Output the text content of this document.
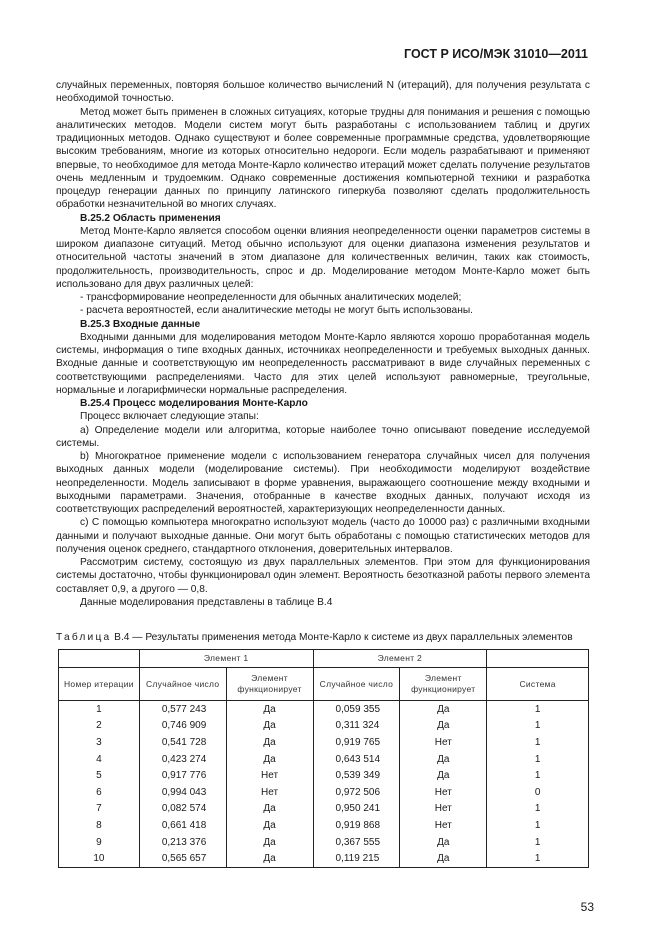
ГОСТ Р ИСО/МЭК 31010—2011

случайных переменных, повторяя большое количество вычислений N (итераций), для получения результата с необходимой точностью.

Метод может быть применен в сложных ситуациях, которые трудны для понимания и решения с помощью аналитических методов. Модели систем могут быть разработаны с использованием таблиц и других традиционных методов. Однако существуют и более современные программные средства, удовлетворяющие высоким требованиям, многие из которых относительно недороги. Если модель разрабатывают и применяют впервые, то необходимое для метода Монте-Карло количество итераций может сделать получение результатов очень медленным и трудоемким. Однако современные достижения компьютерной техники и разработка процедур генерации данных по принципу латинского гиперкуба позволяют сделать продолжительность обработки незначительной во многих случаях.

В.25.2 Область применения

Метод Монте-Карло является способом оценки влияния неопределенности оценки параметров системы в широком диапазоне ситуаций. Метод обычно используют для оценки диапазона изменения результатов и относительной частоты значений в этом диапазоне для количественных величин, таких как стоимость, продолжительность, производительность, спрос и др. Моделирование методом Монте-Карло может быть использовано для двух различных целей:

- трансформирование неопределенности для обычных аналитических моделей;

- расчета вероятностей, если аналитические методы не могут быть использованы.

В.25.3 Входные данные

Входными данными для моделирования методом Монте-Карло являются хорошо проработанная модель системы, информация о типе входных данных, источниках неопределенности и требуемых выходных данных. Входные данные и соответствующую им неопределенность рассматривают в виде случайных переменных с соответствующими распределениями. Часто для этих целей используют равномерные, треугольные, нормальные и логарифмически нормальные распределения.

В.25.4 Процесс моделирования Монте-Карло

Процесс включает следующие этапы:

a) Определение модели или алгоритма, которые наиболее точно описывают поведение исследуемой системы.

b) Многократное применение модели с использованием генератора случайных чисел для получения выходных данных модели (моделирование системы). При необходимости моделируют воздействие неопределенности. Модель записывают в форме уравнения, выражающего соотношение между входными и выходными параметрами. Значения, отобранные в качестве входных данных, получают исходя из соответствующих распределений вероятностей, характеризующих неопределенности данных.

c) С помощью компьютера многократно используют модель (часто до 10000 раз) с различными входными данными и получают выходные данные. Они могут быть обработаны с помощью статистических методов для получения оценок среднего, стандартного отклонения, доверительных интервалов.

Рассмотрим систему, состоящую из двух параллельных элементов. При этом для функционирования системы достаточно, чтобы функционировал один элемент. Вероятность безотказной работы первого элемента составляет 0,9, а другого — 0,8.

Данные моделирования представлены в таблице В.4

Таблица В.4 — Результаты применения метода Монте-Карло к системе из двух параллельных элементов
	Элемент 1		Элемент 2		
Номер итерации	Случайное число	Элемент функционирует	Случайное число	Элемент функционирует	Система
1	0,577 243	Да	0,059 355	Да	1
2	0,746 909	Да	0,311 324	Да	1
3	0,541 728	Да	0,919 765	Нет	1
4	0,423 274	Да	0,643 514	Да	1
5	0,917 776	Нет	0,539 349	Да	1
6	0,994 043	Нет	0,972 506	Нет	0
7	0,082 574	Да	0,950 241	Нет	1
8	0,661 418	Да	0,919 868	Нет	1
9	0,213 376	Да	0,367 555	Да	1
10	0,565 657	Да	0,119 215	Да	1
53
